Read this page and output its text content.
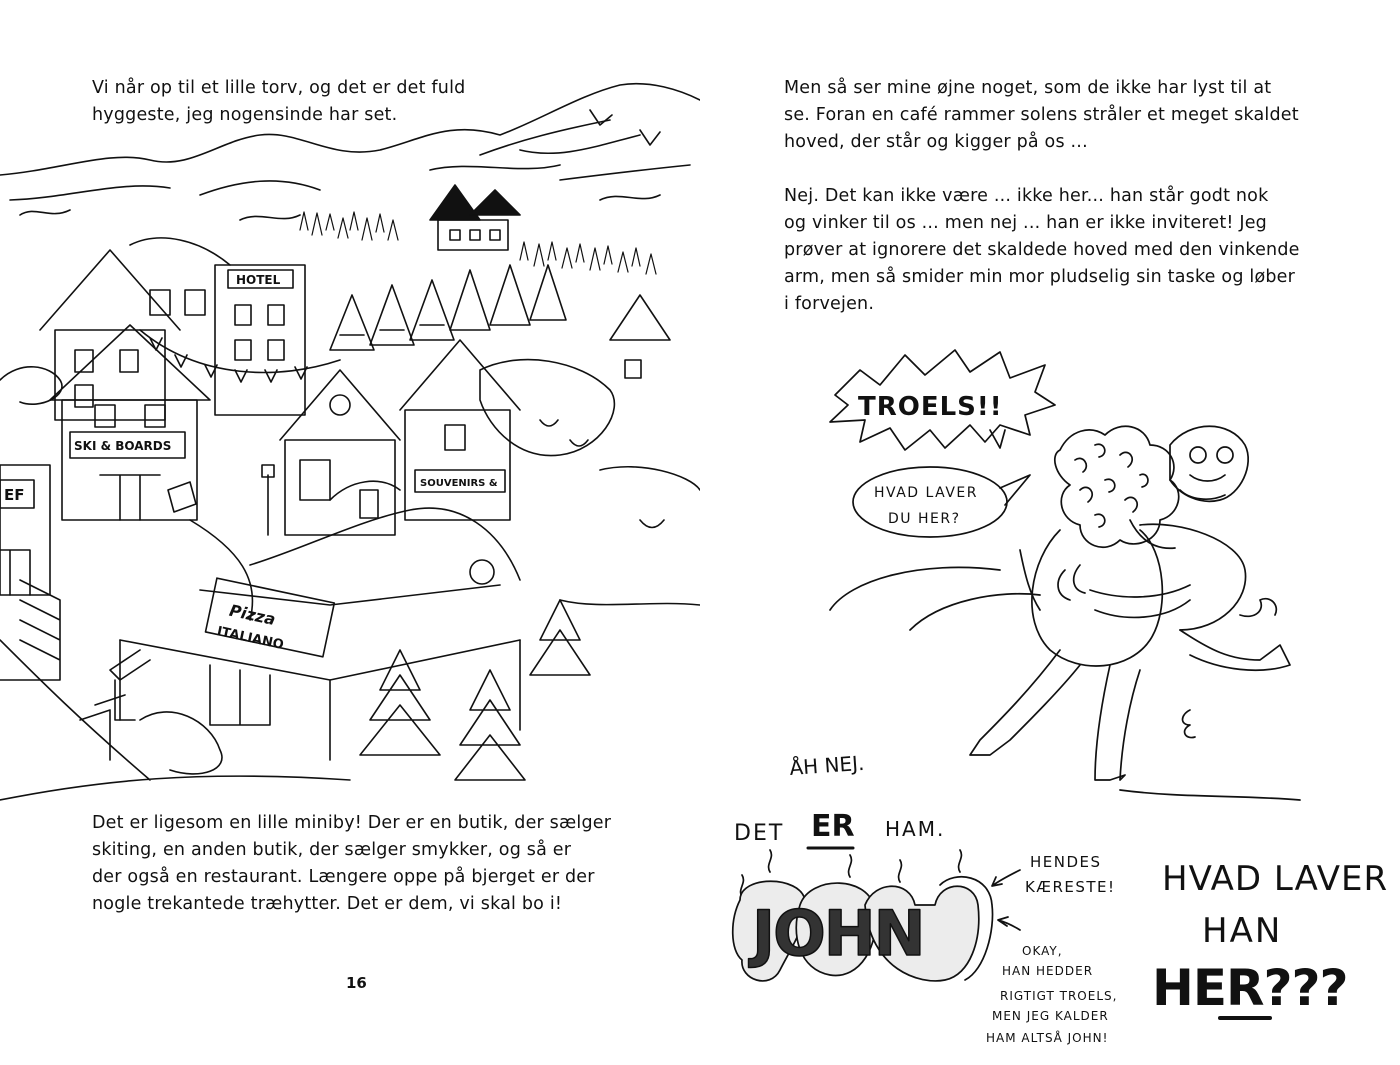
Vi når op til et lille torv, og det er det fuld
hyggeste, jeg nogensinde har set.

HOTEL
SKI & BOARDS
EF
SOUVENIRS &
Pizza
ITALIANO

Det er ligesom en lille miniby! Der er en butik, der sælger
skiting, en anden butik, der sælger smykker, og så er
der også en restaurant. Længere oppe på bjerget er der
nogle trekantede træhytter. Det er dem, vi skal bo i!

16

Men så ser mine øjne noget, som de ikke har lyst til at
se. Foran en café rammer solens stråler et meget skaldet
hoved, der står og kigger på os ...

Nej. Det kan ikke være ... ikke her... han står godt nok
og vinker til os ... men nej ... han er ikke inviteret! Jeg
prøver at ignorere det skaldede hoved med den vinkende
arm, men så smider min mor pludselig sin taske og løber
i forvejen.

TROELS!!
HVAD LAVER
DU HER?
ÅH NEJ.
DET ER HAM.
JOHN
HENDES
KÆRESTE!
OKAY,
HAN HEDDER
RIGTIGT TROELS,
MEN JEG KALDER
HAM ALTSÅ JOHN!
HVAD LAVER
HAN
HER???
